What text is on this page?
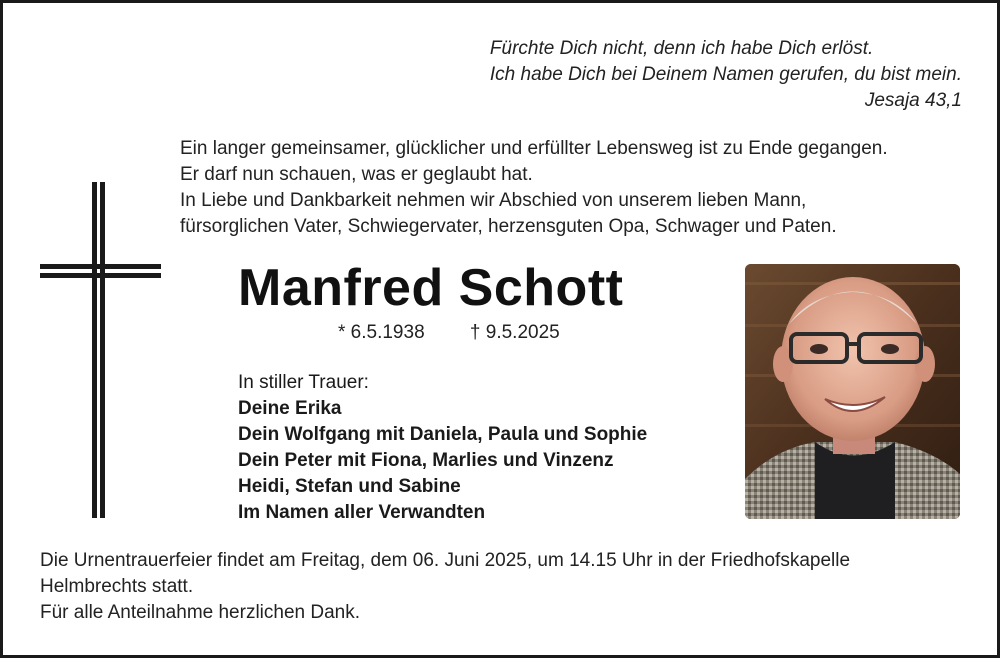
Fürchte Dich nicht, denn ich habe Dich erlöst.
Ich habe Dich bei Deinem Namen gerufen, du bist mein.
Jesaja 43,1
Ein langer gemeinsamer, glücklicher und erfüllter Lebensweg ist zu Ende gegangen.
Er darf nun schauen, was er geglaubt hat.
In Liebe und Dankbarkeit nehmen wir Abschied von unserem lieben Mann,
fürsorglichen Vater, Schwiegervater, herzensguten Opa, Schwager und Paten.
Manfred Schott
* 6.5.1938 † 9.5.2025
In stiller Trauer:
Deine Erika
Dein Wolfgang mit Daniela, Paula und Sophie
Dein Peter mit Fiona, Marlies und Vinzenz
Heidi, Stefan und Sabine
Im Namen aller Verwandten
Die Urnentrauerfeier findet am Freitag, dem 06. Juni 2025, um 14.15 Uhr in der Friedhofskapelle
Helmbrechts statt.
Für alle Anteilnahme herzlichen Dank.
